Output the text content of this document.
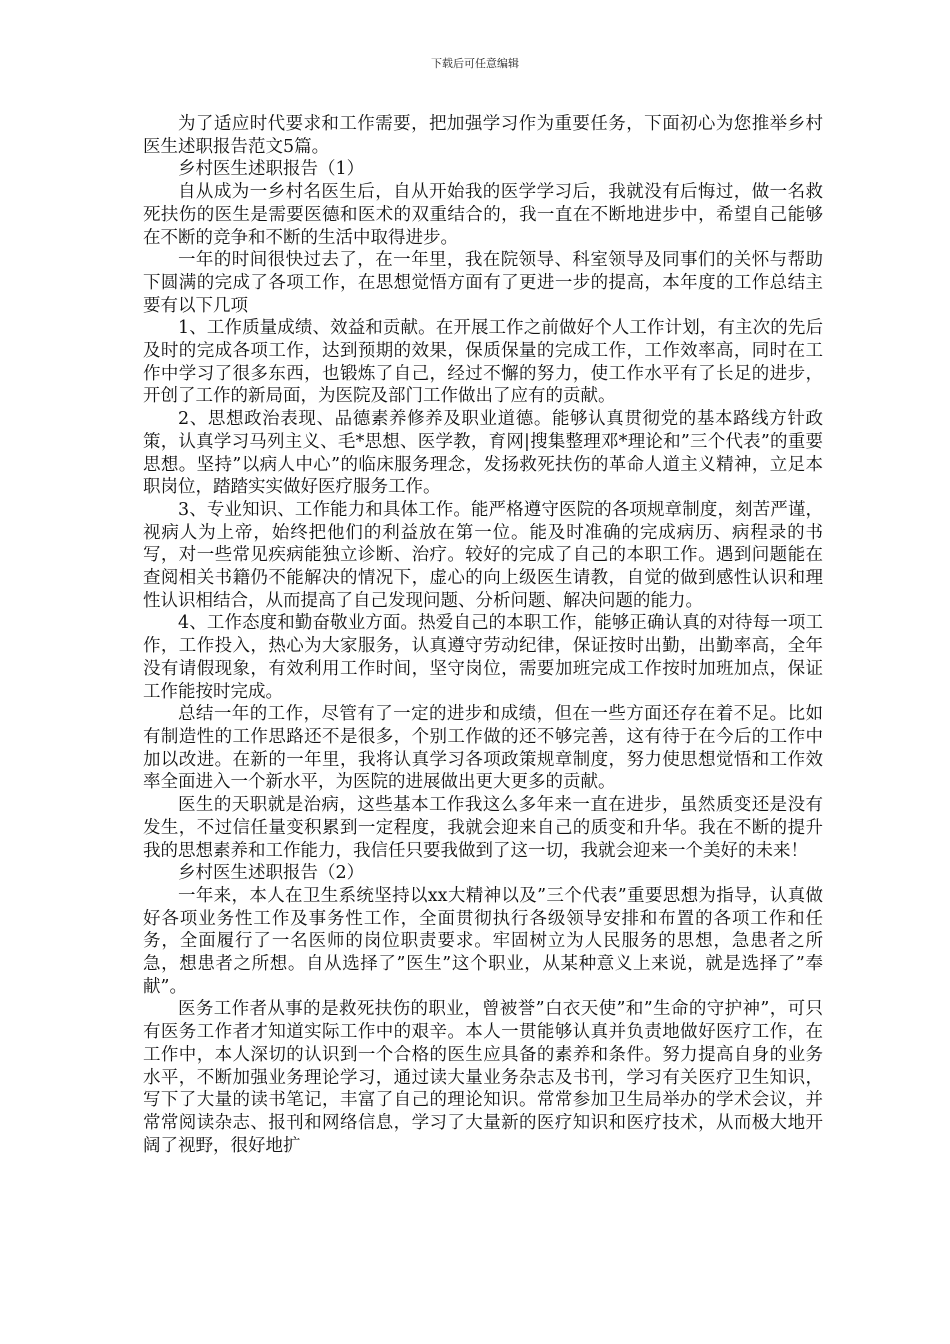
下载后可任意编辑

为了适应时代要求和工作需要，把加强学习作为重要任务，下面初心为您推举乡村医生述职报告范文5篇。

乡村医生述职报告（1）

自从成为一乡村名医生后，自从开始我的医学学习后，我就没有后悔过，做一名救死扶伤的医生是需要医德和医术的双重结合的，我一直在不断地进步中，希望自己能够在不断的竞争和不断的生活中取得进步。

一年的时间很快过去了，在一年里，我在院领导、科室领导及同事们的关怀与帮助下圆满的完成了各项工作，在思想觉悟方面有了更进一步的提高，本年度的工作总结主要有以下几项

1、工作质量成绩、效益和贡献。在开展工作之前做好个人工作计划，有主次的先后及时的完成各项工作，达到预期的效果，保质保量的完成工作，工作效率高，同时在工作中学习了很多东西，也锻炼了自己，经过不懈的努力，使工作水平有了长足的进步，开创了工作的新局面，为医院及部门工作做出了应有的贡献。

2、思想政治表现、品德素养修养及职业道德。能够认真贯彻党的基本路线方针政策，认真学习马列主义、毛*思想、医学教，育网|搜集整理邓*理论和”三个代表”的重要思想。坚持”以病人中心”的临床服务理念，发扬救死扶伤的革命人道主义精神，立足本职岗位，踏踏实实做好医疗服务工作。

3、专业知识、工作能力和具体工作。能严格遵守医院的各项规章制度，刻苦严谨，视病人为上帝，始终把他们的利益放在第一位。能及时准确的完成病历、病程录的书写，对一些常见疾病能独立诊断、治疗。较好的完成了自己的本职工作。遇到问题能在查阅相关书籍仍不能解决的情况下，虚心的向上级医生请教，自觉的做到感性认识和理性认识相结合，从而提高了自己发现问题、分析问题、解决问题的能力。

4、工作态度和勤奋敬业方面。热爱自己的本职工作，能够正确认真的对待每一项工作，工作投入，热心为大家服务，认真遵守劳动纪律，保证按时出勤，出勤率高，全年没有请假现象，有效利用工作时间，坚守岗位，需要加班完成工作按时加班加点，保证工作能按时完成。

总结一年的工作，尽管有了一定的进步和成绩，但在一些方面还存在着不足。比如有制造性的工作思路还不是很多，个别工作做的还不够完善，这有待于在今后的工作中加以改进。在新的一年里，我将认真学习各项政策规章制度，努力使思想觉悟和工作效率全面进入一个新水平，为医院的进展做出更大更多的贡献。

医生的天职就是治病，这些基本工作我这么多年来一直在进步，虽然质变还是没有发生，不过信任量变积累到一定程度，我就会迎来自己的质变和升华。我在不断的提升我的思想素养和工作能力，我信任只要我做到了这一切，我就会迎来一个美好的未来！

乡村医生述职报告（2）

一年来，本人在卫生系统坚持以xx大精神以及”三个代表”重要思想为指导，认真做好各项业务性工作及事务性工作，全面贯彻执行各级领导安排和布置的各项工作和任务，全面履行了一名医师的岗位职责要求。牢固树立为人民服务的思想，急患者之所急，想患者之所想。自从选择了”医生”这个职业，从某种意义上来说，就是选择了”奉献”。

医务工作者从事的是救死扶伤的职业，曾被誉”白衣天使”和”生命的守护神”，可只有医务工作者才知道实际工作中的艰辛。本人一贯能够认真并负责地做好医疗工作，在工作中，本人深切的认识到一个合格的医生应具备的素养和条件。努力提高自身的业务水平，不断加强业务理论学习，通过读大量业务杂志及书刊，学习有关医疗卫生知识，写下了大量的读书笔记，丰富了自己的理论知识。常常参加卫生局举办的学术会议，并常常阅读杂志、报刊和网络信息，学习了大量新的医疗知识和医疗技术，从而极大地开阔了视野，很好地扩
